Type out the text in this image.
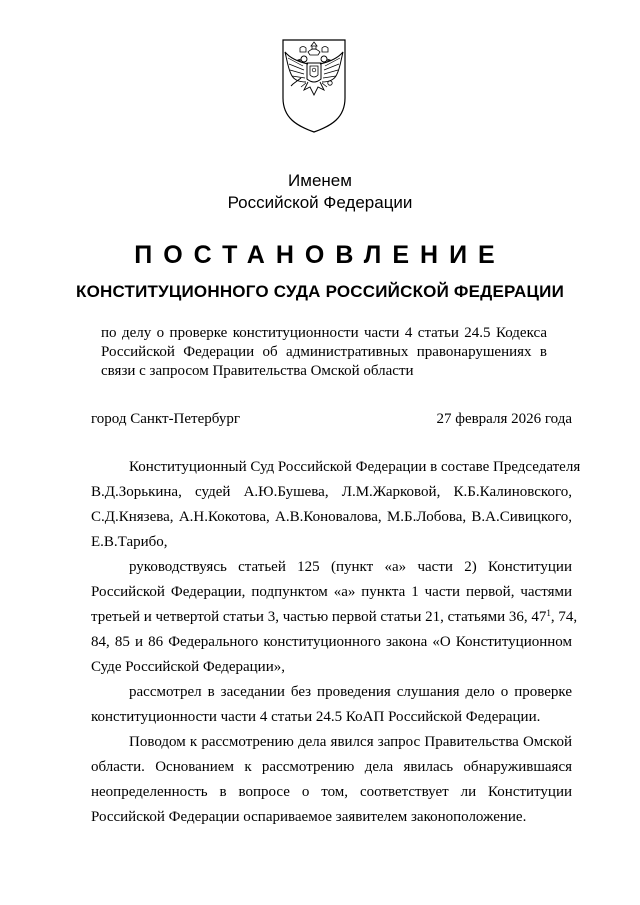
Именем
Российской Федерации
ПОСТАНОВЛЕНИЕ
КОНСТИТУЦИОННОГО СУДА РОССИЙСКОЙ ФЕДЕРАЦИИ
по делу о проверке конституционности части 4 статьи 24.5 Кодекса
Российской Федерации об административных правонарушениях в
связи с запросом Правительства Омской области
город Санкт-Петербург	27 февраля 2026 года
Конституционный Суд Российской Федерации в составе Председателя
В.Д.Зорькина, судей А.Ю.Бушева, Л.М.Жарковой, К.Б.Калиновского,
С.Д.Князева, А.Н.Кокотова, А.В.Коновалова, М.Б.Лобова, В.А.Сивицкого,
Е.В.Тарибо,
руководствуясь статьей 125 (пункт «а» части 2) Конституции
Российской Федерации, подпунктом «а» пункта 1 части первой, частями
третьей и четвертой статьи 3, частью первой статьи 21, статьями 36, $47^1$, 74,
84, 85 и 86 Федерального конституционного закона «О Конституционном
Суде Российской Федерации»,
рассмотрел в заседании без проведения слушания дело о проверке
конституционности части 4 статьи 24.5 КоАП Российской Федерации.
Поводом к рассмотрению дела явился запрос Правительства Омской
области. Основанием к рассмотрению дела явилась обнаружившаяся
неопределенность в вопросе о том, соответствует ли Конституции
Российской Федерации оспариваемое заявителем законоположение.
